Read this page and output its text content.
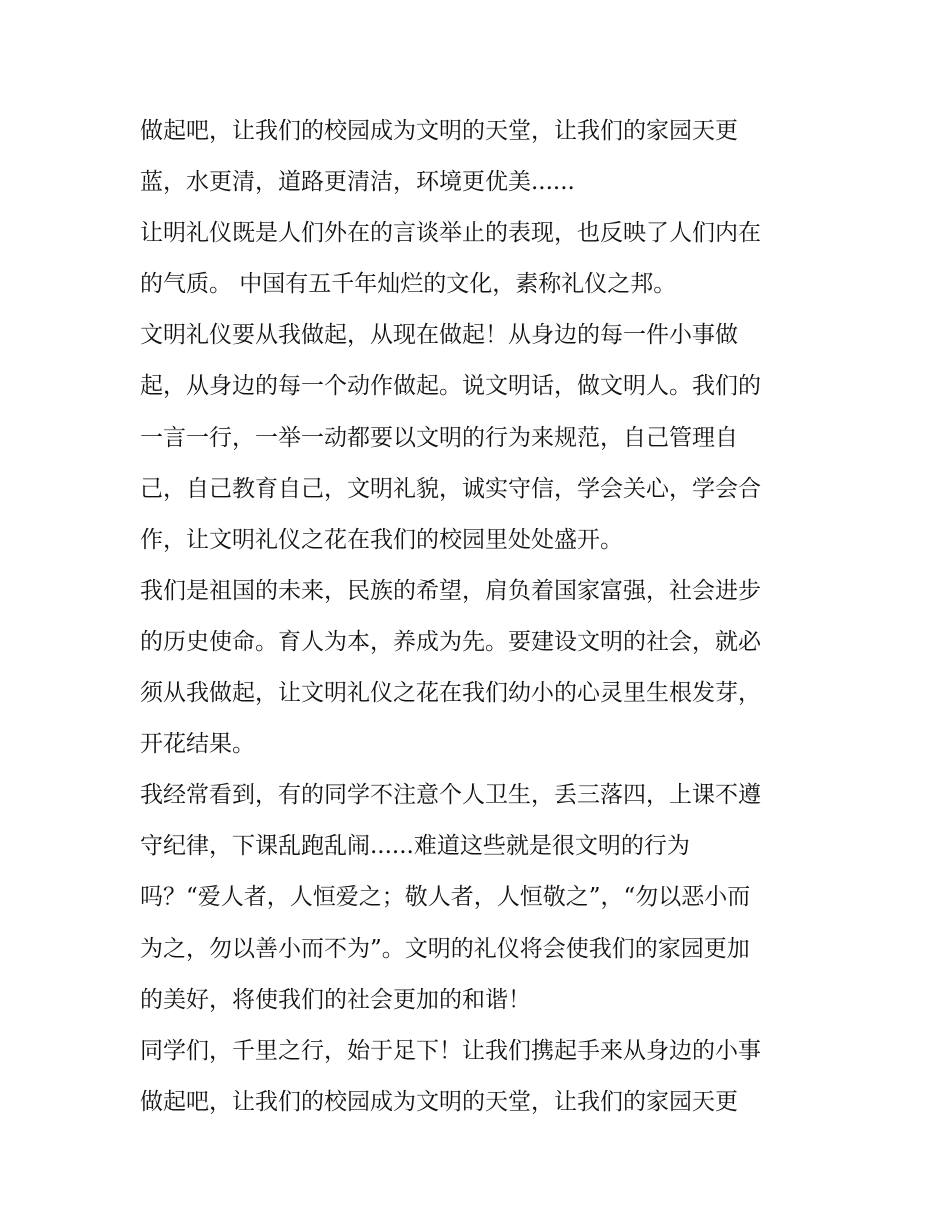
做起吧，让我们的校园成为文明的天堂，让我们的家园天更
蓝，水更清，道路更清洁，环境更优美......
让明礼仪既是人们外在的言谈举止的表现，也反映了人们内在
的气质。 中国有五千年灿烂的文化，素称礼仪之邦。
文明礼仪要从我做起，从现在做起！从身边的每一件小事做
起，从身边的每一个动作做起。说文明话，做文明人。我们的
一言一行，一举一动都要以文明的行为来规范，自己管理自
己，自己教育自己，文明礼貌，诚实守信，学会关心，学会合
作，让文明礼仪之花在我们的校园里处处盛开。
我们是祖国的未来，民族的希望，肩负着国家富强，社会进步
的历史使命。育人为本，养成为先。要建设文明的社会，就必
须从我做起，让文明礼仪之花在我们幼小的心灵里生根发芽，
开花结果。
我经常看到，有的同学不注意个人卫生，丢三落四，上课不遵
守纪律，下课乱跑乱闹......难道这些就是很文明的行为
吗？“爱人者，人恒爱之；敬人者，人恒敬之”，“勿以恶小而
为之，勿以善小而不为”。文明的礼仪将会使我们的家园更加
的美好，将使我们的社会更加的和谐！
同学们，千里之行，始于足下！让我们携起手来从身边的小事
做起吧，让我们的校园成为文明的天堂，让我们的家园天更
